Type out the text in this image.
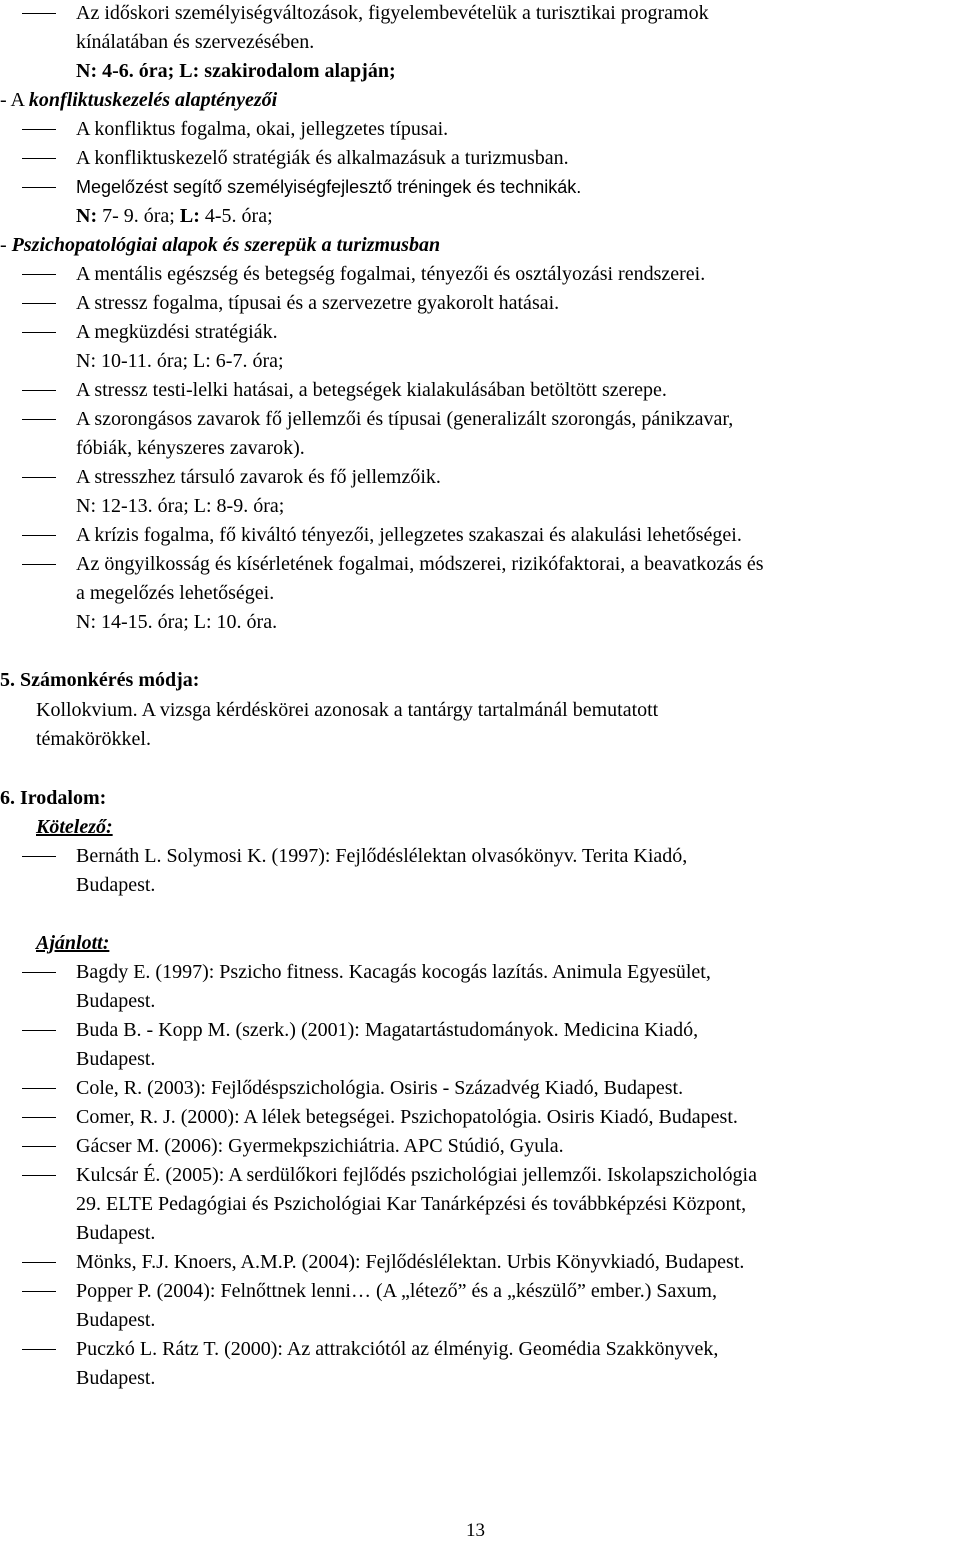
Az időskori személyiségváltozások, figyelembevételük a turisztikai programok
kínálatában és szervezésében.
N: 4-6. óra; L: szakirodalom alapján;
- A konfliktuskezelés alaptényezői
A konfliktus fogalma, okai, jellegzetes típusai.
A konfliktuskezelő stratégiák és alkalmazásuk a turizmusban.
Megelőzést segítő személyiségfejlesztő tréningek és technikák.
N: 7- 9. óra; L: 4-5. óra;
- Pszichopatológiai alapok és szerepük a turizmusban
A mentális egészség és betegség fogalmai, tényezői és osztályozási rendszerei.
A stressz fogalma, típusai és a szervezetre gyakorolt hatásai.
A megküzdési stratégiák.
N: 10-11. óra; L: 6-7. óra;
A stressz testi-lelki hatásai, a betegségek kialakulásában betöltött szerepe.
A szorongásos zavarok fő jellemzői és típusai (generalizált szorongás, pánikzavar,
fóbiák, kényszeres zavarok).
A stresszhez társuló zavarok és fő jellemzőik.
N: 12-13. óra; L: 8-9. óra;
A krízis fogalma, fő kiváltó tényezői, jellegzetes szakaszai és alakulási lehetőségei.
Az öngyilkosság és kísérletének fogalmai, módszerei, rizikófaktorai, a beavatkozás és
a megelőzés lehetőségei.
N: 14-15. óra; L: 10. óra.
5. Számonkérés módja:
Kollokvium. A vizsga kérdéskörei azonosak a tantárgy tartalmánál bemutatott
témakörökkel.
6. Irodalom:
Kötelező:
Bernáth L. Solymosi K. (1997): Fejlődéslélektan olvasókönyv. Terita Kiadó,
Budapest.
Ajánlott:
Bagdy E. (1997): Pszicho fitness. Kacagás kocogás lazítás. Animula Egyesület,
Budapest.
Buda B. - Kopp M. (szerk.) (2001): Magatartástudományok. Medicina Kiadó,
Budapest.
Cole, R. (2003): Fejlődéspszichológia. Osiris - Századvég Kiadó, Budapest.
Comer, R. J. (2000): A lélek betegségei. Pszichopatológia. Osiris Kiadó, Budapest.
Gácser M. (2006): Gyermekpszichiátria. APC Stúdió, Gyula.
Kulcsár É. (2005): A serdülőkori fejlődés pszichológiai jellemzői. Iskolapszichológia
29. ELTE Pedagógiai és Pszichológiai Kar Tanárképzési és továbbképzési Központ,
Budapest.
Mönks, F.J. Knoers, A.M.P. (2004): Fejlődéslélektan. Urbis Könyvkiadó, Budapest.
Popper P. (2004): Felnőttnek lenni… (A „létező” és a „készülő” ember.) Saxum,
Budapest.
Puczkó L. Rátz T. (2000): Az attrakciótól az élményig. Geomédia Szakkönyvek,
Budapest.
13
